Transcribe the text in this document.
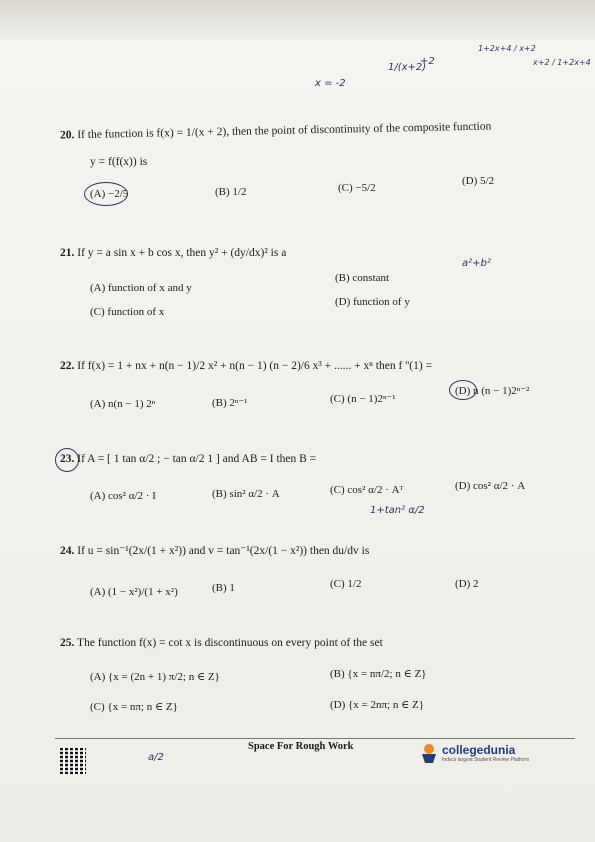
x = -2
1/(x+2)
+2
1+2x+4 / x+2
x+2 / 1+2x+4
20. If the function is f(x) = 1/(x + 2), then the point of discontinuity of the composite function
y = f(f(x)) is
(A) −2/5	(B) 1/2	(C) −5/2
(D) 5/2
21. If y = a sin x + b cos x, then y² + (dy/dx)² is a
(A) function of x and y
(B) constant
(C) function of x
(D) function of y
a²+b²
22. If f(x) = 1 + nx + n(n − 1)/2 x² + n(n − 1) (n − 2)/6 x³ + ...... + xⁿ then f ''(1) =
(A) n(n − 1) 2ⁿ	(B) 2ⁿ⁻¹	(C) (n − 1)2ⁿ⁻¹
(D) n (n − 1)2ⁿ⁻²
23. If A = [ 1 tan α/2 ; − tan α/2 1 ] and AB = I then B =
(A) cos² α/2 · I	(B) sin² α/2 · A	(C) cos² α/2 · Aᵀ	(D) cos² α/2 · A
1+tan² α/2
24. If u = sin⁻¹(2x/(1 + x²)) and v = tan⁻¹(2x/(1 − x²)) then du/dv is
(A) (1 − x²)/(1 + x²)	(B) 1	(C) 1/2	(D) 2
25. The function f(x) = cot x is discontinuous on every point of the set
(A) {x = (2n + 1) π/2; n ∈ Z}	(B) {x = nπ/2; n ∈ Z}
(C) {x = nπ; n ∈ Z}	(D) {x = 2nπ; n ∈ Z}
a/2
Space For Rough Work	collegedunia
India's largest Student Review Platform
